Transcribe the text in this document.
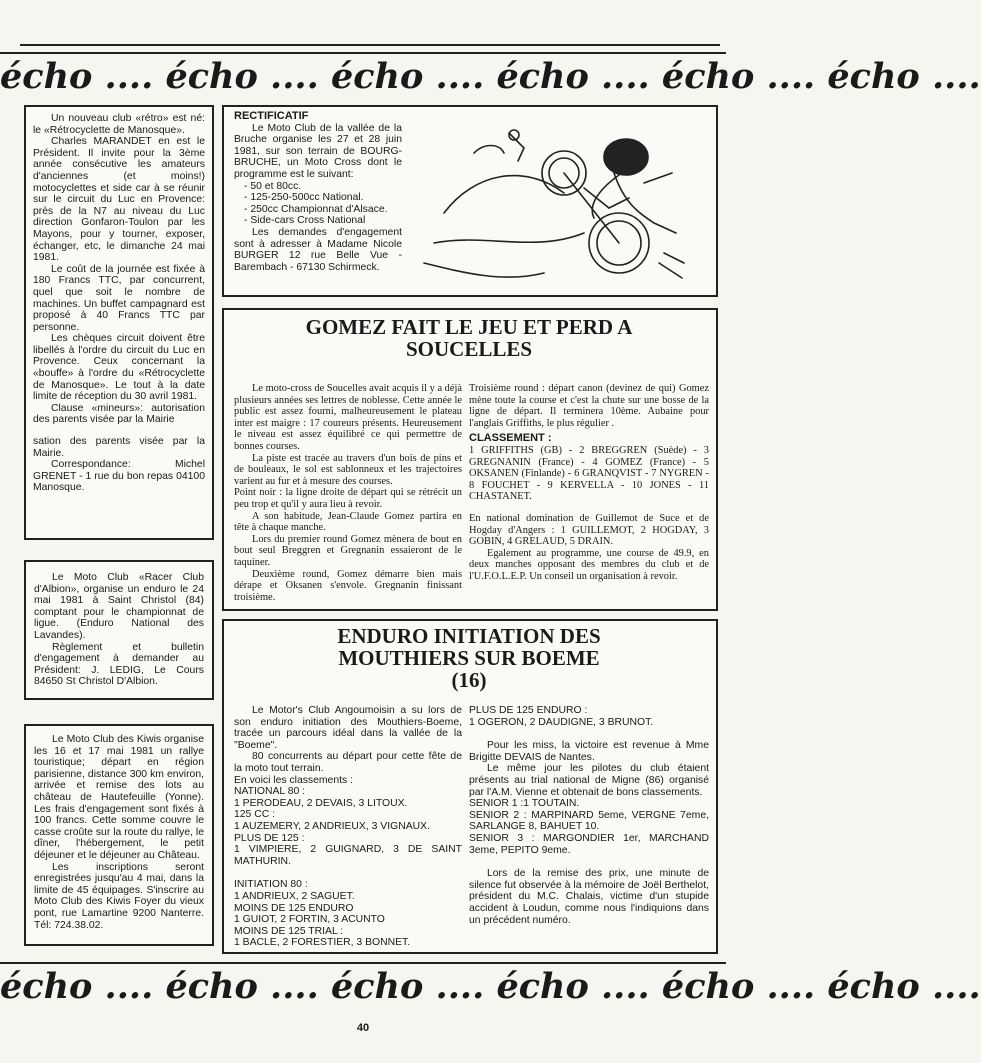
écho .... écho .... écho .... écho .... écho .... écho ....

Un nouveau club «rétro» est né: le «Rétrocyclette de Manosque».

Charles MARANDET en est le Président. Il invite pour la 3ème année consécutive les amateurs d'anciennes (et moins!) motocyclettes et side car à se réunir sur le circuit du Luc en Provence: près de la N7 au niveau du Luc direction Gonfaron-Toulon par les Mayons, pour y tourner, exposer, échanger, etc, le dimanche 24 mai 1981.

Le coût de la journée est fixée à 180 Francs TTC, par concurrent, quel que soit le nombre de machines. Un buffet campagnard est proposé à 40 Francs TTC par personne.

Les chèques circuit doivent être libellés à l'ordre du circuit du Luc en Provence. Ceux concernant la «bouffe» à l'ordre du «Rétrocyclette de Manosque». Le tout à la date limite de réception du 30 avril 1981.

Clause «mineurs»: autorisation des parents visée par la Mairie

sation des parents visée par la Mairie.

Correspondance: Michel GRENET - 1 rue du bon repas 04100 Manosque.

Le Moto Club «Racer Club d'Albion», organise un enduro le 24 mai 1981 à Saint Christol (84) comptant pour le championnat de ligue. (Enduro National des Lavandes).

Règlement et bulletin d'engagement à demander au Président: J. LEDIG, Le Cours 84650 St Christol D'Albion.

Le Moto Club des Kiwis organise les 16 et 17 mai 1981 un rallye touristique; départ en région parisienne, distance 300 km environ, arrivée et remise des lots au château de Hautefeuille (Yonne). Les frais d'engagement sont fixés à 100 francs. Cette somme couvre le casse croûte sur la route du rallye, le dîner, l'hébergement, le petit déjeuner et le déjeuner au Château.

Les inscriptions seront enregistrées jusqu'au 4 mai, dans la limite de 45 équipages. S'inscrire au Moto Club des Kiwis Foyer du vieux pont, rue Lamartine 9200 Nanterre. Tél: 724.38.02.

RECTIFICATIF

Le Moto Club de la vallée de la Bruche organise les 27 et 28 juin 1981, sur son terrain de BOURG-BRUCHE, un Moto Cross dont le programme est le suivant:

- 50 et 80cc.

- 125-250-500cc National.

- 250cc Championnat d'Alsace.

- Side-cars Cross National

Les demandes d'engagement sont à adresser à Madame Nicole BURGER 12 rue Belle Vue - Barembach - 67130 Schirmeck.

GOMEZ FAIT LE JEU ET PERD A SOUCELLES

Le moto-cross de Soucelles avait acquis il y a déjà plusieurs années ses lettres de noblesse. Cette année le public est assez fourni, malheureusement le plateau inter est maigre : 17 coureurs présents. Heureusement le niveau est assez équilibré ce qui permettre de bonnes courses.

La piste est tracée au travers d'un bois de pins et de bouleaux, le sol est sablonneux et les trajectoires varient au fur et à mesure des courses.

Point noir : la ligne droite de départ qui se rétrécit un peu trop et qu'il y aura lieu à revoir.

A son habitude, Jean-Claude Gomez partira en tête à chaque manche.

Lors du premier round Gomez mènera de bout en bout seul Breggren et Gregnanin essaieront de le taquiner.

Deuxième round, Gomez démarre bien mais dérape et Oksanen s'envole. Gregnanin finissant troisième.

Troisième round : départ canon (devinez de qui) Gomez mène toute la course et c'est la chute sur une bosse de la ligne de départ. Il terminera 10ème. Aubaine pour l'anglais Griffiths, le plus régulier .

CLASSEMENT :

1 GRIFFITHS (GB) - 2 BREGGREN (Suède) - 3 GREGNANIN (France) - 4 GOMEZ (France) - 5 OKSANEN (Finlande) - 6 GRANQVIST - 7 NYGREN - 8 FOUCHET - 9 KERVELLA - 10 JONES - 11 CHASTANET.

En national domination de Guillemot de Suce et de Hogday d'Angers : 1 GUILLEMOT, 2 HOGDAY, 3 GOBIN, 4 GRELAUD, 5 DRAIN.

Egalement au programme, une course de 49.9, en deux manches opposant des membres du club et de l'U.F.O.L.E.P. Un conseil un organisation à revoir.

ENDURO INITIATION DES MOUTHIERS SUR BOEME (16)

Le Motor's Club Angoumoisin a su lors de son enduro initiation des Mouthiers-Boeme, tracée un parcours idéal dans la vallée de la "Boeme".

80 concurrents au départ pour cette fête de la moto tout terrain.

En voici les classements :

NATIONAL 80 :

1 PERODEAU, 2 DEVAIS, 3 LITOUX.

125 CC :

1 AUZEMERY, 2 ANDRIEUX, 3 VIGNAUX.

PLUS DE 125 :

1 VIMPIERE, 2 GUIGNARD, 3 DE SAINT MATHURIN.

INITIATION 80 :

1 ANDRIEUX, 2 SAGUET.

MOINS DE 125 ENDURO

1 GUIOT, 2 FORTIN, 3 ACUNTO

MOINS DE 125 TRIAL :

1 BACLE, 2 FORESTIER, 3 BONNET.

PLUS DE 125 ENDURO :

1 OGERON, 2 DAUDIGNE, 3 BRUNOT.

Pour les miss, la victoire est revenue à Mme Brigitte DEVAIS de Nantes.

Le même jour les pilotes du club étaient présents au trial national de Migne (86) organisé par l'A.M. Vienne et obtenait de bons classements.

SENIOR 1 :1 TOUTAIN.

SENIOR 2 : MARPINARD 5eme, VERGNE 7eme, SARLANGE 8, BAHUET 10.

SENIOR 3 : MARGONDIER 1er, MARCHAND 3eme, PEPITO 9eme.

Lors de la remise des prix, une minute de silence fut observée à la mémoire de Joël Berthelot, président du M.C. Chalais, victime d'un stupide accident à Loudun, comme nous l'indiquions dans un précédent numéro.

écho .... écho .... écho .... écho .... écho .... écho ....
40
